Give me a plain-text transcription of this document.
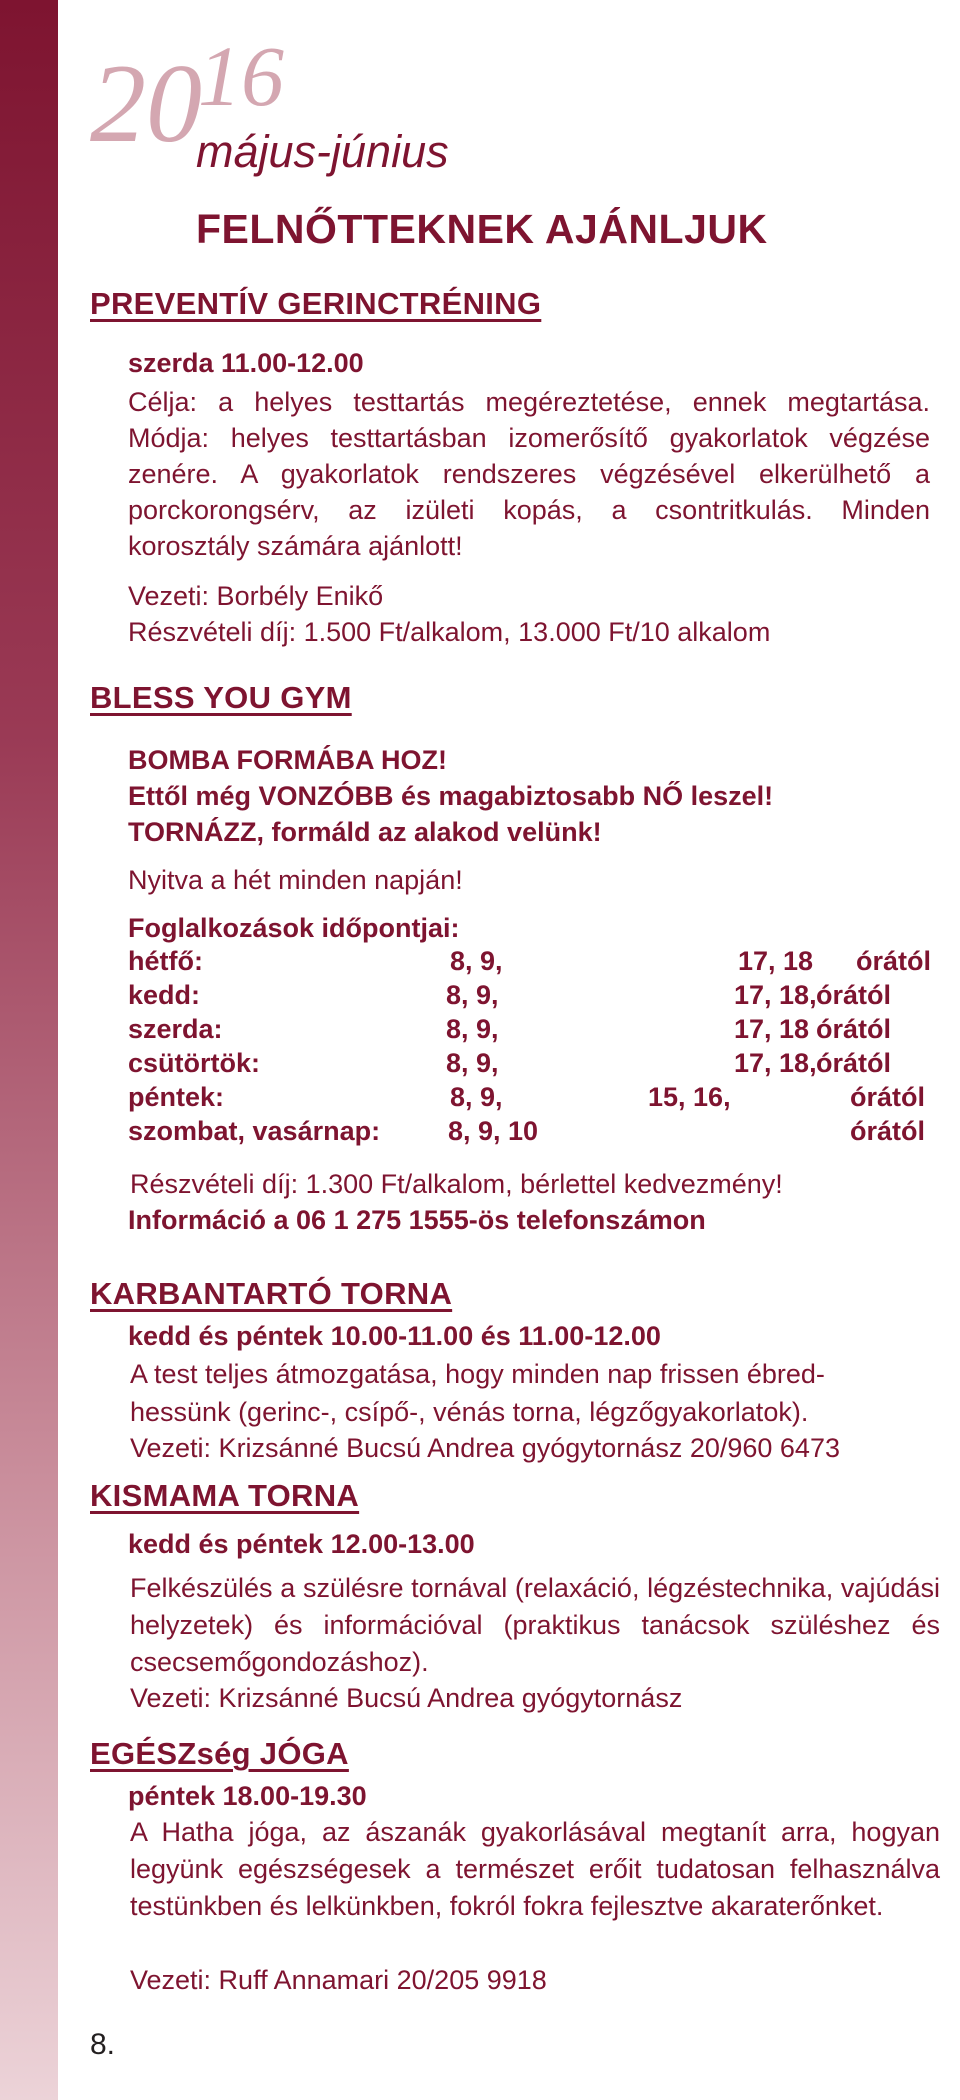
2016
május-június
FELNŐTTEKNEK AJÁNLJUK
PREVENTÍV GERINCTRÉNING
szerda 11.00-12.00
Célja: a helyes testtartás megéreztetése, ennek megtartása. Módja: helyes testtartásban izomerősítő gyakorlatok végzése zenére. A gyakorlatok rendszeres végzésével elkerülhető a porckorongsérv, az izületi kopás, a csontritkulás. Minden korosztály számára ajánlott!
Vezeti: Borbély Enikő
Részvételi díj: 1.500 Ft/alkalom, 13.000 Ft/10 alkalom
BLESS YOU GYM
BOMBA FORMÁBA HOZ!
Ettől még VONZÓBB és magabiztosabb NŐ leszel!
TORNÁZZ, formáld az alakod velünk!
Nyitva a hét minden napján!
Foglalkozások időpontjai:
hétfő:	8, 9,	17, 18 órától
kedd:	8, 9,	17, 18, órától
szerda:	8, 9,	17, 18 órától
csütörtök:	8, 9,	17, 18, órától
péntek:	8, 9,	15, 16,	órától
szombat, vasárnap:	8, 9, 10	órától
Részvételi díj: 1.300 Ft/alkalom, bérlettel kedvezmény!
Információ a 06 1 275 1555-ös telefonszámon
KARBANTARTÓ TORNA
kedd és péntek 10.00-11.00 és 11.00-12.00
A test teljes átmozgatása, hogy minden nap frissen ébred-
hessünk (gerinc-, csípő-, vénás torna, légzőgyakorlatok).
Vezeti: Krizsánné Bucsú Andrea gyógytornász 20/960 6473
KISMAMA TORNA
kedd és péntek 12.00-13.00
Felkészülés a szülésre tornával (relaxáció, légzéstechnika, vajúdási helyzetek) és információval (praktikus tanácsok szüléshez és csecsemőgondozáshoz).
Vezeti: Krizsánné Bucsú Andrea gyógytornász
EGÉSZség JÓGA
péntek 18.00-19.30
A Hatha jóga, az ászanák gyakorlásával megtanít arra, hogyan legyünk egészségesek a természet erőit tudatosan felhasználva testünkben és lelkünkben, fokról fokra fejlesztve akaraterőnket.
Vezeti: Ruff Annamari 20/205 9918
8.
